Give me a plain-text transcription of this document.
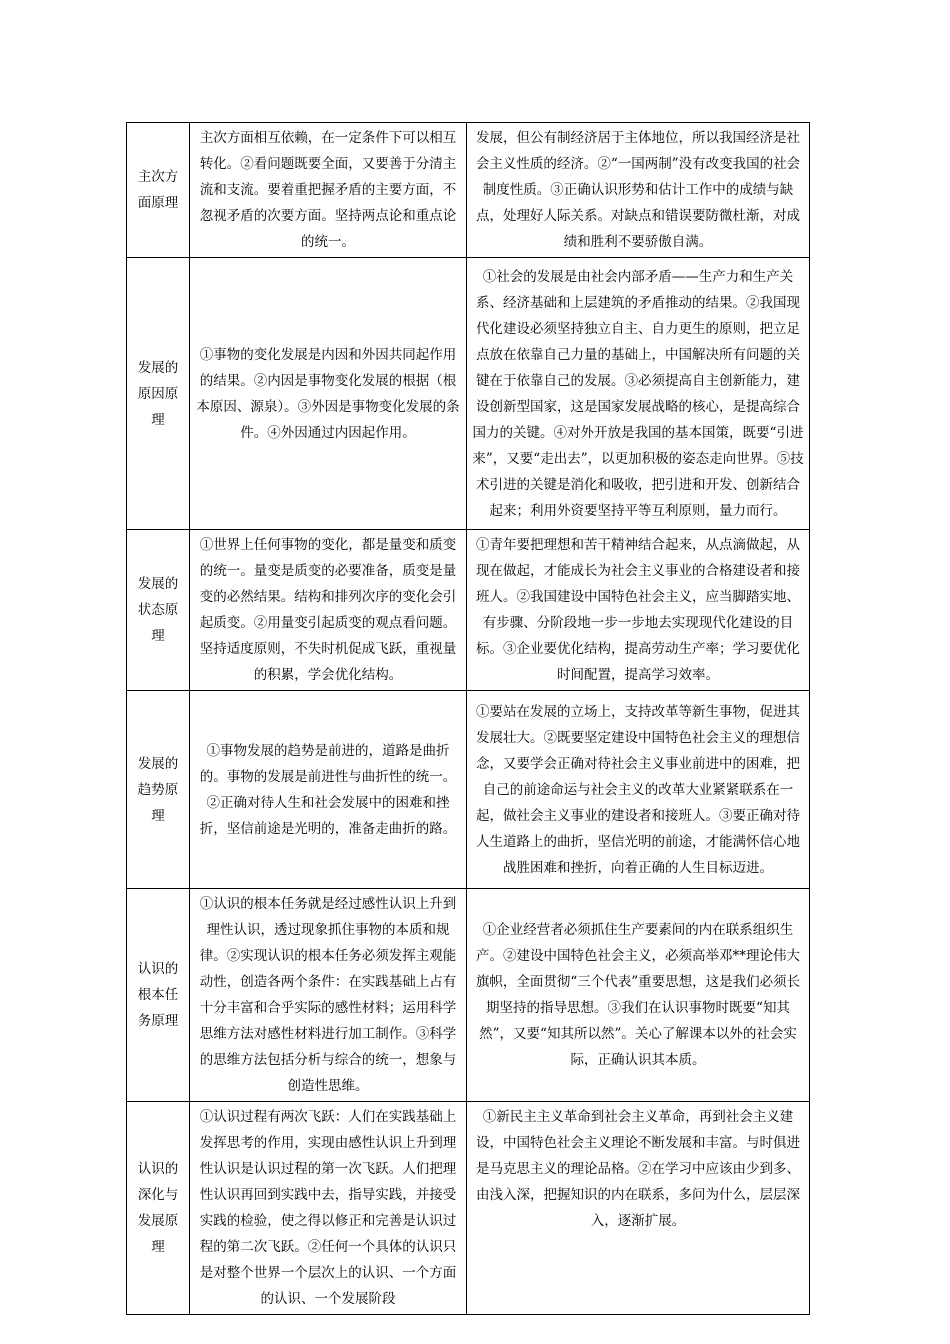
主次方面原理	主次方面相互依赖，在一定条件下可以相互转化。②看问题既要全面，又要善于分清主流和支流。要着重把握矛盾的主要方面，不忽视矛盾的次要方面。坚持两点论和重点论的统一。	发展，但公有制经济居于主体地位，所以我国经济是社会主义性质的经济。②“一国两制”没有改变我国的社会制度性质。③正确认识形势和估计工作中的成绩与缺点，处理好人际关系。对缺点和错误要防微杜渐，对成绩和胜利不要骄傲自满。
发展的原因原理	①事物的变化发展是内因和外因共同起作用的结果。②内因是事物变化发展的根据（根本原因、源泉）。③外因是事物变化发展的条件。④外因通过内因起作用。	①社会的发展是由社会内部矛盾——生产力和生产关系、经济基础和上层建筑的矛盾推动的结果。②我国现代化建设必须坚持独立自主、自力更生的原则，把立足点放在依靠自己力量的基础上，中国解决所有问题的关键在于依靠自己的发展。③必须提高自主创新能力，建设创新型国家，这是国家发展战略的核心，是提高综合国力的关键。④对外开放是我国的基本国策，既要“引进来”，又要“走出去”，以更加积极的姿态走向世界。⑤技术引进的关键是消化和吸收，把引进和开发、创新结合起来；利用外资要坚持平等互利原则，量力而行。
发展的状态原理	①世界上任何事物的变化，都是量变和质变的统一。量变是质变的必要准备，质变是量变的必然结果。结构和排列次序的变化会引起质变。②用量变引起质变的观点看问题。坚持适度原则，不失时机促成飞跃，重视量的积累，学会优化结构。	①青年要把理想和苦干精神结合起来，从点滴做起，从现在做起，才能成长为社会主义事业的合格建设者和接班人。②我国建设中国特色社会主义，应当脚踏实地、有步骤、分阶段地一步一步地去实现现代化建设的目标。③企业要优化结构，提高劳动生产率；学习要优化时间配置，提高学习效率。
发展的趋势原理	①事物发展的趋势是前进的，道路是曲折的。事物的发展是前进性与曲折性的统一。②正确对待人生和社会发展中的困难和挫折，坚信前途是光明的，准备走曲折的路。	①要站在发展的立场上，支持改革等新生事物，促进其发展壮大。②既要坚定建设中国特色社会主义的理想信念，又要学会正确对待社会主义事业前进中的困难，把自己的前途命运与社会主义的改革大业紧紧联系在一起，做社会主义事业的建设者和接班人。③要正确对待人生道路上的曲折，坚信光明的前途，才能满怀信心地战胜困难和挫折，向着正确的人生目标迈进。
认识的根本任务原理	①认识的根本任务就是经过感性认识上升到理性认识，透过现象抓住事物的本质和规律。②实现认识的根本任务必须发挥主观能动性，创造各两个条件：在实践基础上占有十分丰富和合乎实际的感性材料；运用科学思维方法对感性材料进行加工制作。③科学的思维方法包括分析与综合的统一，想象与创造性思维。	①企业经营者必须抓住生产要素间的内在联系组织生产。②建设中国特色社会主义，必须高举邓**理论伟大旗帜，全面贯彻“三个代表”重要思想，这是我们必须长期坚持的指导思想。③我们在认识事物时既要“知其然”，又要“知其所以然”。关心了解课本以外的社会实际，正确认识其本质。
认识的深化与发展原理	①认识过程有两次飞跃：人们在实践基础上发挥思考的作用，实现由感性认识上升到理性认识是认识过程的第一次飞跃。人们把理性认识再回到实践中去，指导实践，并接受实践的检验，使之得以修正和完善是认识过程的第二次飞跃。②任何一个具体的认识只是对整个世界一个层次上的认识、一个方面的认识、一个发展阶段	①新民主主义革命到社会主义革命，再到社会主义建设，中国特色社会主义理论不断发展和丰富。与时俱进是马克思主义的理论品格。②在学习中应该由少到多、由浅入深，把握知识的内在联系，多问为什么，层层深入，逐渐扩展。
